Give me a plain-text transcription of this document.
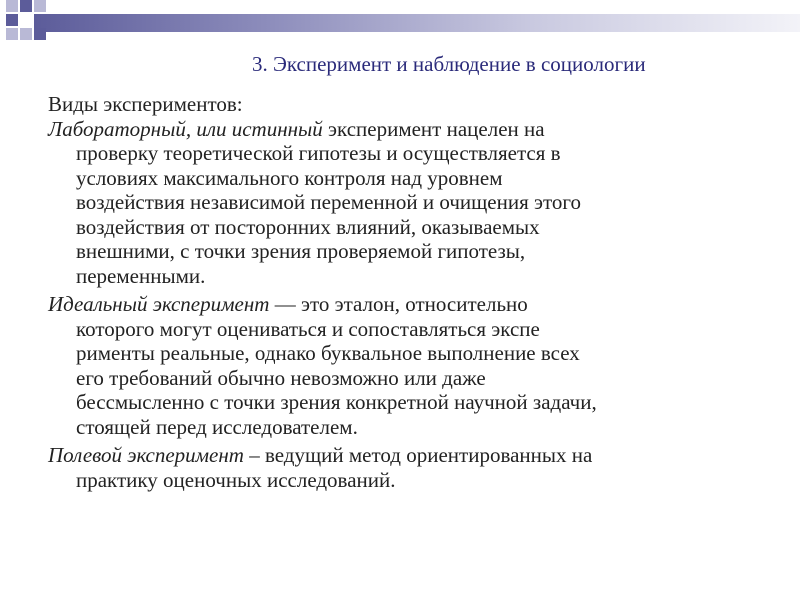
3. Эксперимент и наблюдение в социологии

Виды экспериментов:

Лабораторный, или истинный эксперимент нацелен на
проверку теоретической гипотезы и осуществляется в
условиях максимального контроля над уровнем
воздействия независимой переменной и очищения этого
воздействия от посторонних влияний, оказываемых
внешними, с точки зрения проверяемой гипотезы,
переменными.
Идеальный эксперимент — это эталон, относительно
которого могут оцениваться и сопоставляться экспе
рименты реальные, однако буквальное выполнение всех
его требований обычно невозможно или даже
бессмысленно с точки зрения конкретной научной задачи,
стоящей перед исследователем.
Полевой эксперимент – ведущий метод ориентированных на
практику оценочных исследований.
